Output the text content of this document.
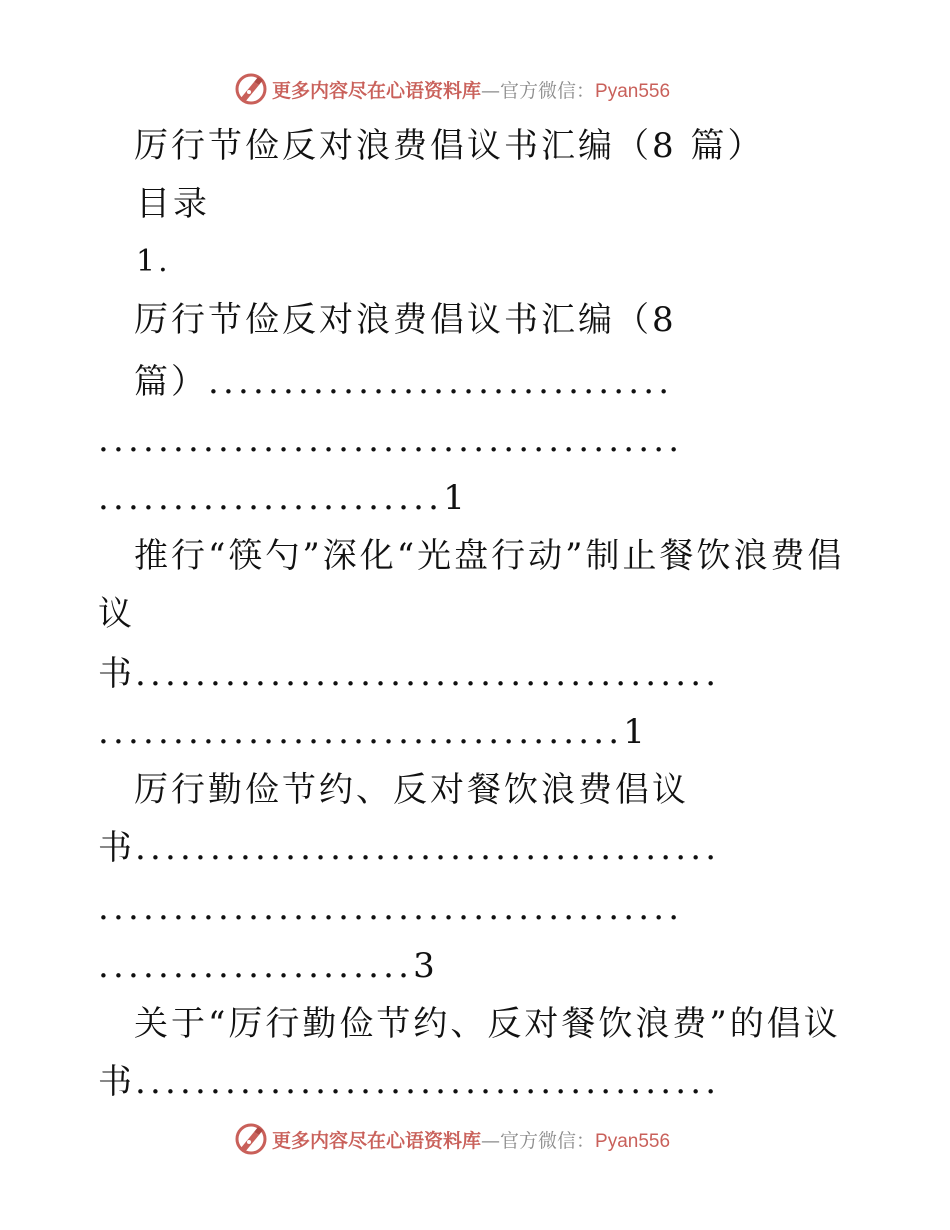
更多内容尽在心语资料库—官方微信：Pyan556
厉行节俭反对浪费倡议书汇编（8 篇）
目录
1.
厉行节俭反对浪费倡议书汇编（8
篇）...............................
.......................................
.......................1
推行“筷勺”深化“光盘行动”制止餐饮浪费倡
议
书.......................................
...................................1
厉行勤俭节约、反对餐饮浪费倡议
书.......................................
.......................................
.....................3
关于“厉行勤俭节约、反对餐饮浪费”的倡议
书.......................................
更多内容尽在心语资料库—官方微信：Pyan556
